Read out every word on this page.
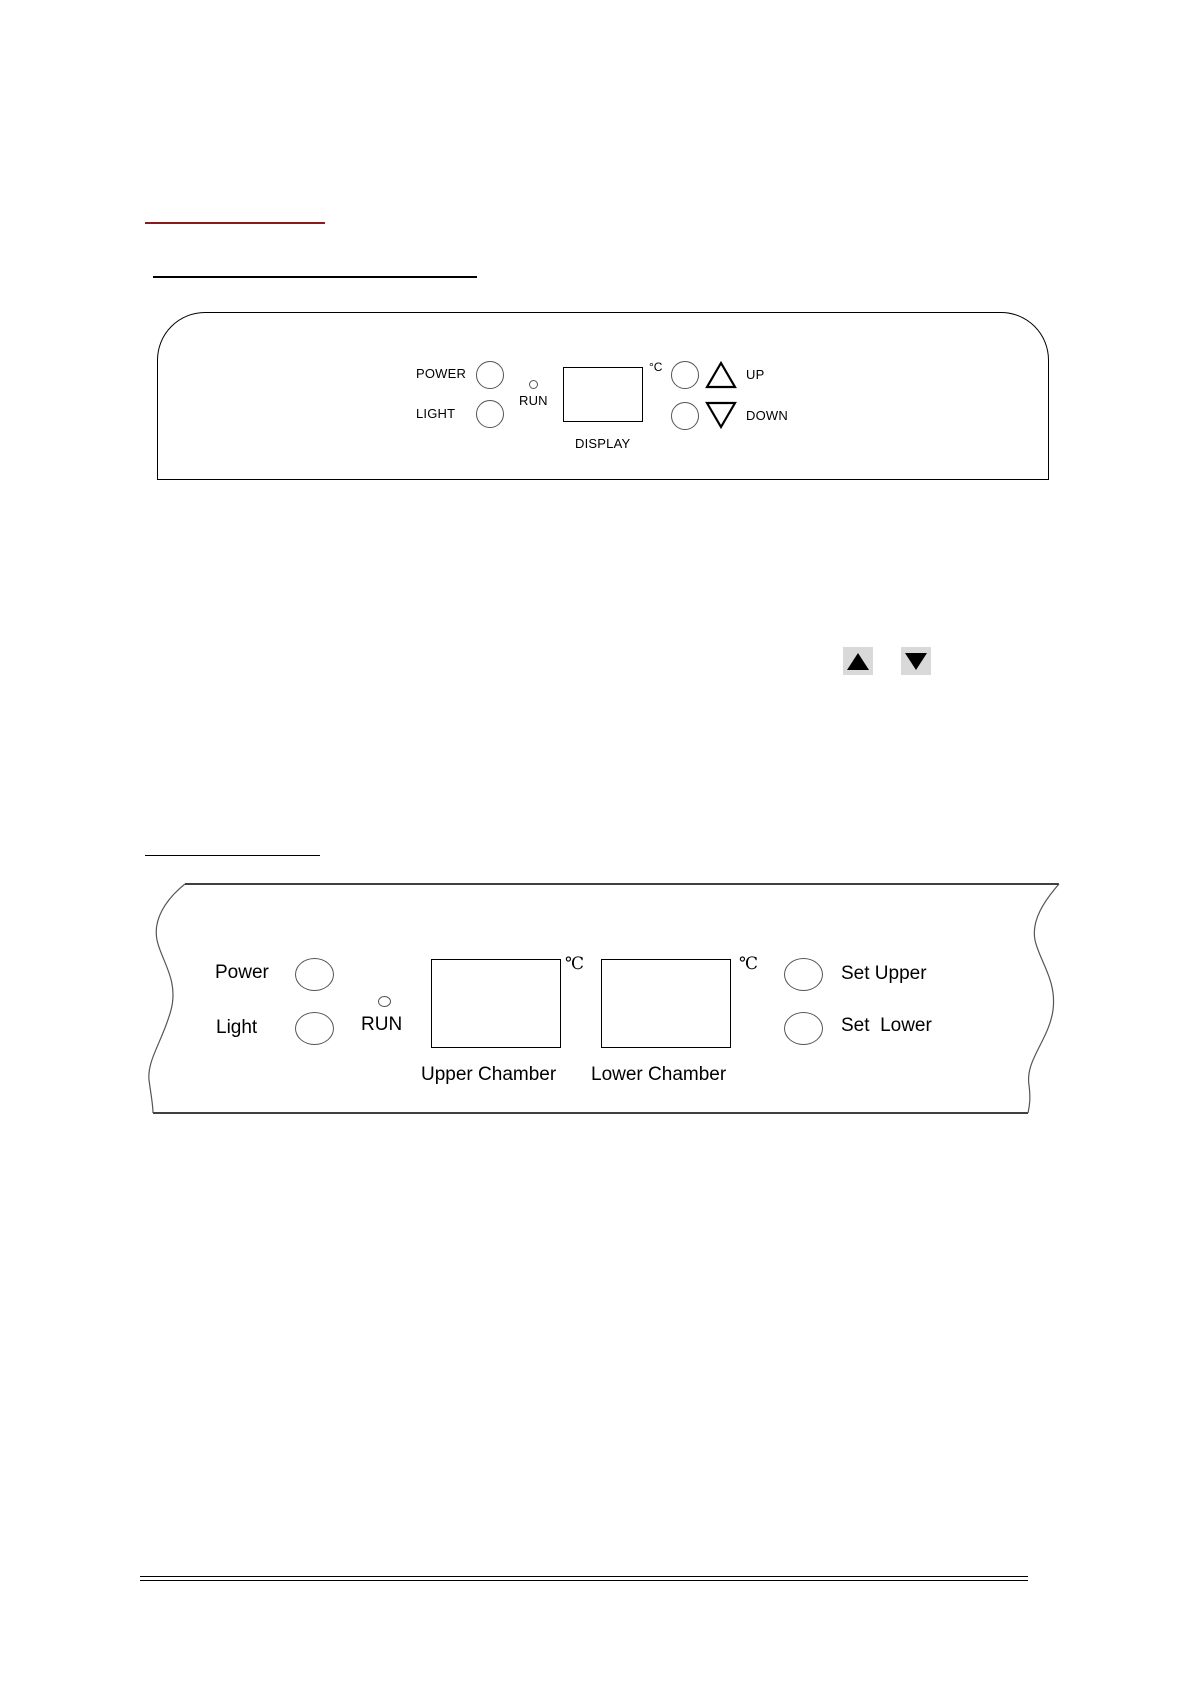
POWER
LIGHT
RUN
DISPLAY
°C	UP
DOWN
Power
Light	RUN
℃
Upper Chamber
℃
Lower Chamber
Set Upper
Set  Lower
